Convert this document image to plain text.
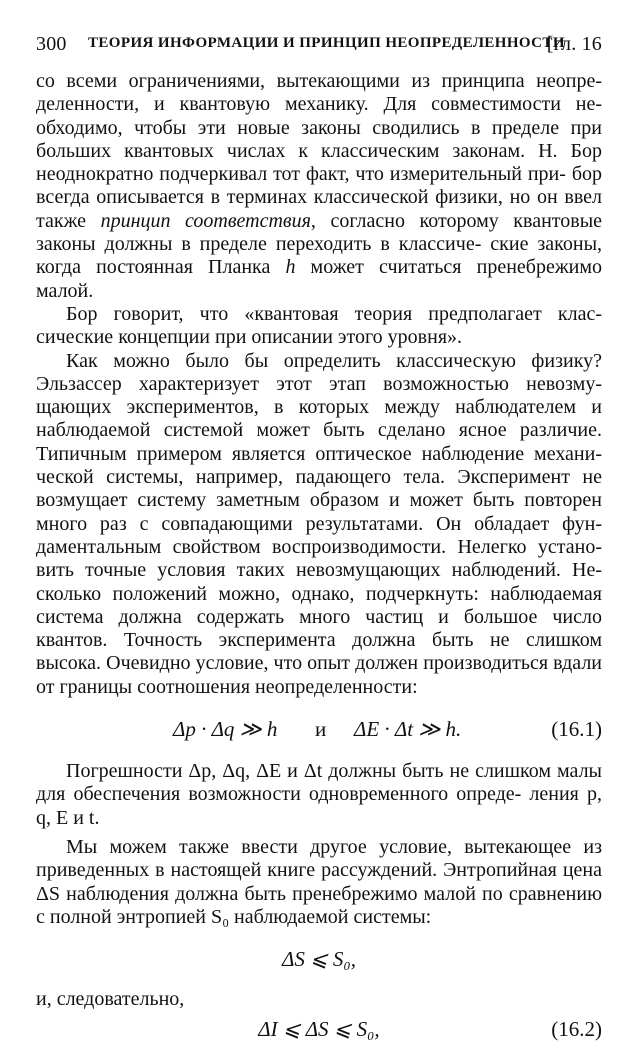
300 ТЕОРИЯ ИНФОРМАЦИИ И ПРИНЦИП НЕОПРЕДЕЛЕННОСТИ
[гл. 16

со всеми ограничениями, вытекающими из принципа неопре- деленности, и квантовую механику. Для совместимости не- обходимо, чтобы эти новые законы сводились в пределе при больших квантовых числах к классическим законам. Н. Бор неоднократно подчеркивал тот факт, что измерительный при- бор всегда описывается в терминах классической физики, но он ввел также принцип соответствия, согласно которому квантовые законы должны в пределе переходить в классиче- ские законы, когда постоянная Планка h может считаться пренебрежимо малой.

Бор говорит, что «квантовая теория предполагает клас- сические концепции при описании этого уровня».

Как можно было бы определить классическую физику? Эльзассер характеризует этот этап возможностью невозму- щающих экспериментов, в которых между наблюдателем и наблюдаемой системой может быть сделано ясное различие. Типичным примером является оптическое наблюдение механи- ческой системы, например, падающего тела. Эксперимент не возмущает систему заметным образом и может быть повторен много раз с совпадающими результатами. Он обладает фун- даментальным свойством воспроизводимости. Нелегко устано- вить точные условия таких невозмущающих наблюдений. Не- сколько положений можно, однако, подчеркнуть: наблюдаемая система должна содержать много частиц и большое число квантов. Точность эксперимента должна быть не слишком высока. Очевидно условие, что опыт должен производиться вдали от границы соотношения неопределенности:

Δp · Δq ≫ h и ΔE · Δt ≫ h.	(16.1)

Погрешности Δp, Δq, ΔE и Δt должны быть не слишком малы для обеспечения возможности одновременного опреде- ления p, q, E и t.

Мы можем также ввести другое условие, вытекающее из приведенных в настоящей книге рассуждений. Энтропийная цена ΔS наблюдения должна быть пренебрежимо малой по сравнению с полной энтропией S₀ наблюдаемой системы:

ΔS ⩽ S₀,

и, следовательно,

ΔI ⩽ ΔS ⩽ S₀,	(16.2)
